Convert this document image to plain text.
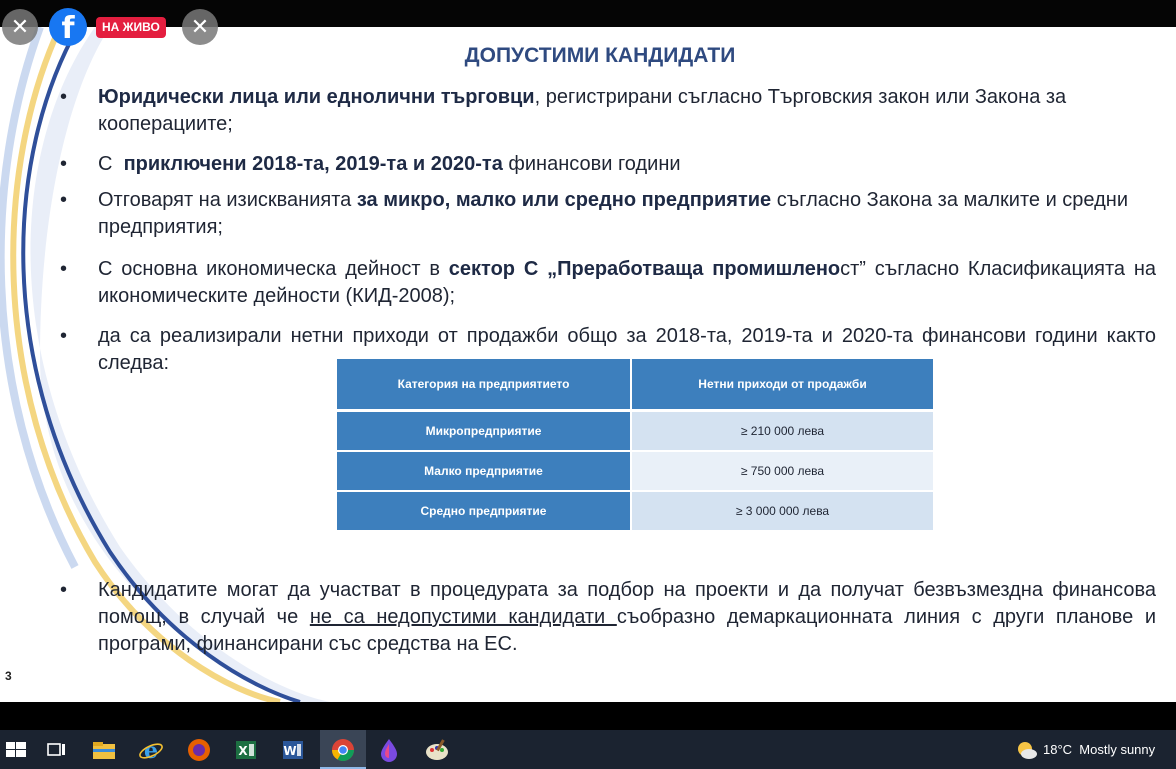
ДОПУСТИМИ КАНДИДАТИ
•	Юридически лица или еднолични търговци, регистрирани съгласно Търговския закон или Закона за кооперациите;
•	С  приключени 2018-та, 2019-та и 2020-та финансови години
•	Отговарят на изискванията за микро, малко или средно предприятие съгласно Закона за малките и средни предприятия;
•	С основна икономическа дейност в сектор С „Преработваща промишленост” съгласно Класификацията на икономическите дейности (КИД-2008);
•	да са реализирали нетни приходи от продажби общо за 2018-та, 2019-та и 2020-та финансови години както следва:
Категория на предприятието	Нетни приходи от продажби
Микропредприятие	≥ 210 000 лева
Малко предприятие	≥ 750 000 лева
Средно предприятие	≥ 3 000 000 лева
•	Кандидатите могат да участват в процедурата за подбор на проекти и да получат безвъзмездна финансова помощ, в случай че не са недопустими кандидати съобразно демаркационната линия с други планове и програми, финансирани със средства на ЕС.
3
✕	f	НА ЖИВО	✕
e	X	W	18°C  Mostly sunny
